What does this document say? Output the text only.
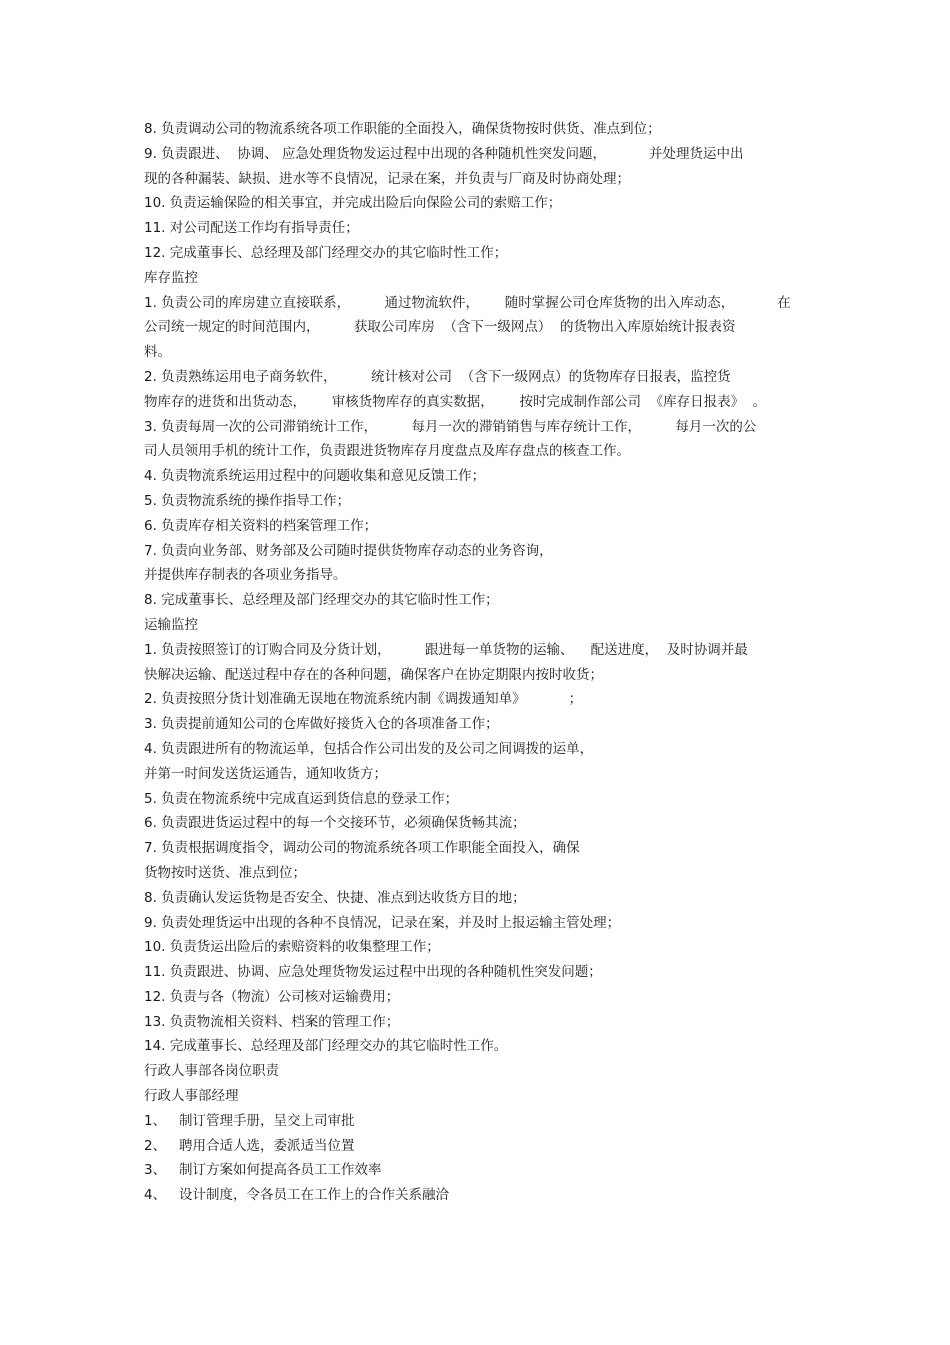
8. 负责调动公司的物流系统各项工作职能的全面投入，确保货物按时供货、准点到位；
9. 负责跟进、  协调、 应急处理货物发运过程中出现的各种随机性突发问题，          并处理货运中出
现的各种漏装、缺损、进水等不良情况，记录在案，并负责与厂商及时协商处理；
10. 负责运输保险的相关事宜，并完成出险后向保险公司的索赔工作；
11. 对公司配送工作均有指导责任；
12. 完成董事长、总经理及部门经理交办的其它临时性工作；
库存监控
1. 负责公司的库房建立直接联系，        通过物流软件，      随时掌握公司仓库货物的出入库动态，          在
公司统一规定的时间范围内，        获取公司库房  （含下一级网点）  的货物出入库原始统计报表资
料。
2. 负责熟练运用电子商务软件，        统计核对公司  （含下一级网点）的货物库存日报表，监控货
物库存的进货和出货动态，      审核货物库存的真实数据，      按时完成制作部公司  《库存日报表》  。
3. 负责每周一次的公司滞销统计工作，        每月一次的滞销销售与库存统计工作，        每月一次的公
司人员领用手机的统计工作，负责跟进货物库存月度盘点及库存盘点的核查工作。
4. 负责物流系统运用过程中的问题收集和意见反馈工作；
5. 负责物流系统的操作指导工作；
6. 负责库存相关资料的档案管理工作；
7. 负责向业务部、财务部及公司随时提供货物库存动态的业务咨询，
并提供库存制表的各项业务指导。
8. 完成董事长、总经理及部门经理交办的其它临时性工作；
运输监控
1. 负责按照签订的订购合同及分货计划，        跟进每一单货物的运输、    配送进度，  及时协调并最
快解决运输、配送过程中存在的各种问题，确保客户在协定期限内按时收货；
2. 负责按照分货计划准确无误地在物流系统内制《调拨通知单》          ；
3. 负责提前通知公司的仓库做好接货入仓的各项准备工作；
4. 负责跟进所有的物流运单，包括合作公司出发的及公司之间调拨的运单，
并第一时间发送货运通告，通知收货方；
5. 负责在物流系统中完成直运到货信息的登录工作；
6. 负责跟进货运过程中的每一个交接环节，必须确保货畅其流；
7. 负责根据调度指令，调动公司的物流系统各项工作职能全面投入，确保
货物按时送货、准点到位；
8. 负责确认发运货物是否安全、快捷、准点到达收货方目的地；
9. 负责处理货运中出现的各种不良情况，记录在案，并及时上报运输主管处理；
10. 负责货运出险后的索赔资料的收集整理工作；
11. 负责跟进、协调、应急处理货物发运过程中出现的各种随机性突发问题；
12. 负责与各（物流）公司核对运输费用；
13. 负责物流相关资料、档案的管理工作；
14. 完成董事长、总经理及部门经理交办的其它临时性工作。
行政人事部各岗位职责
行政人事部经理
1、   制订管理手册，呈交上司审批
2、   聘用合适人选，委派适当位置
3、   制订方案如何提高各员工工作效率
4、   设计制度，令各员工在工作上的合作关系融洽
